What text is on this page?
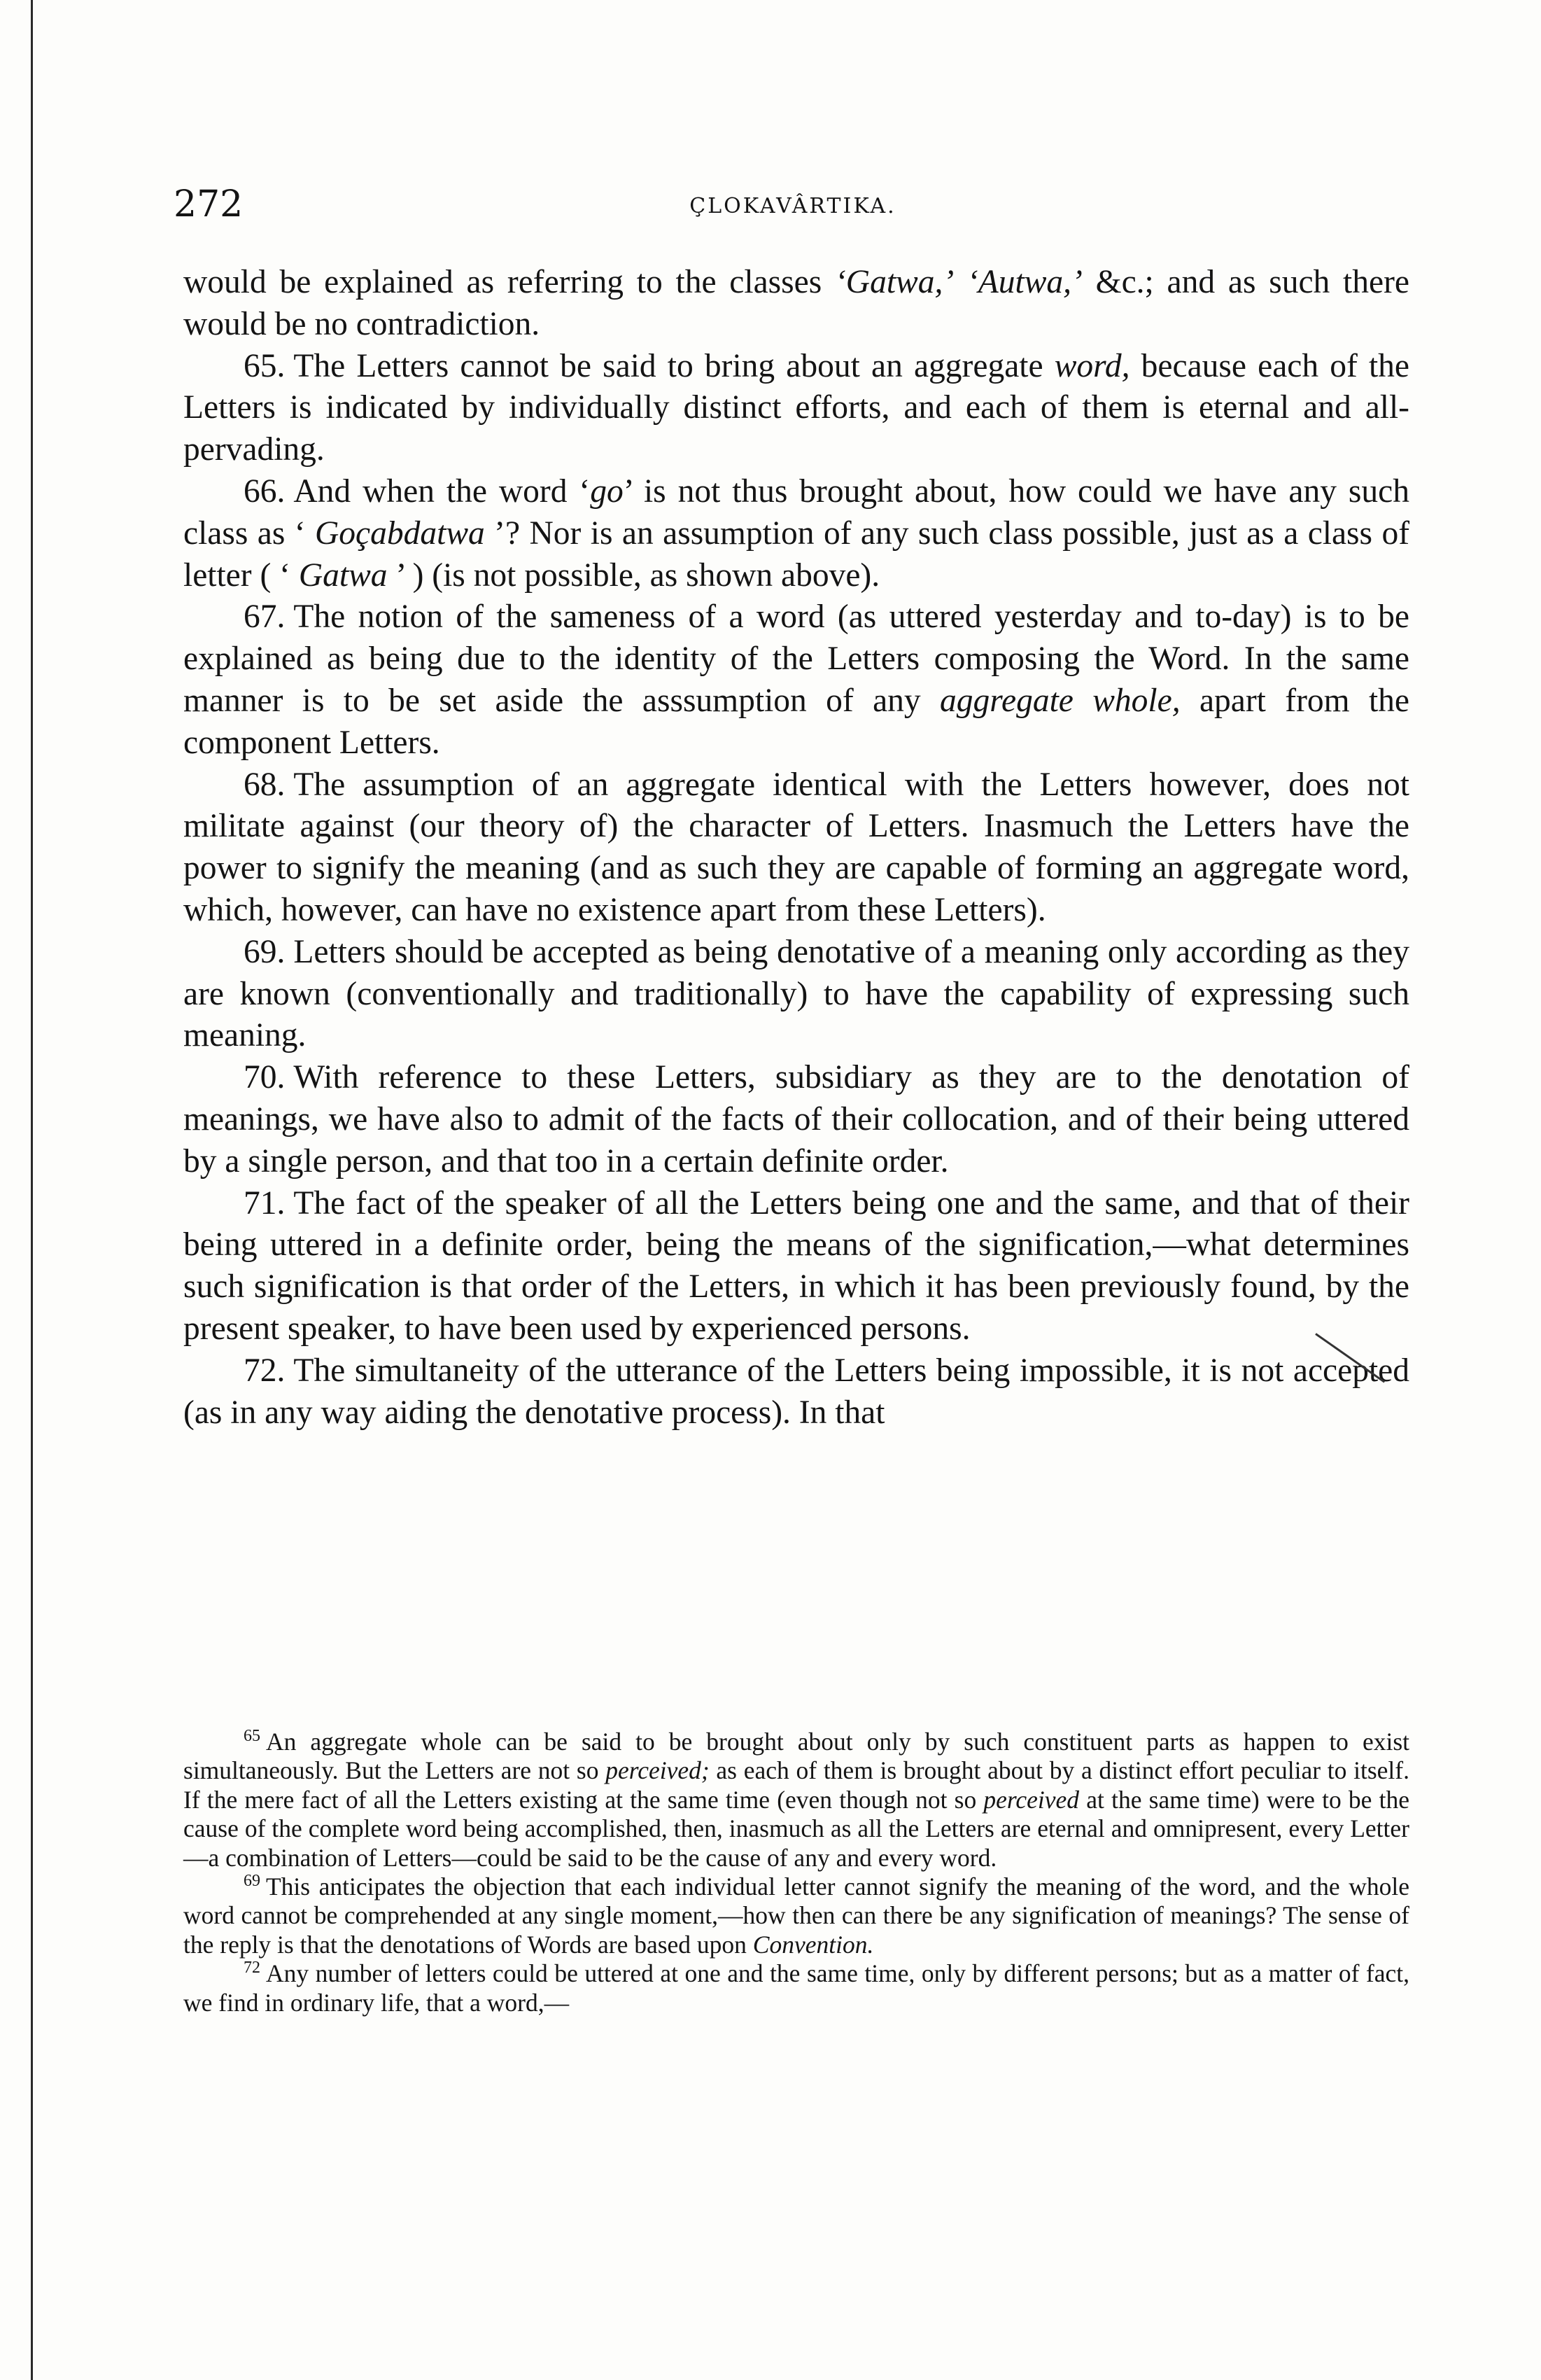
272	ÇLOKAVÂRTIKA.

would be explained as referring to the classes ‘Gatwa,’ ‘Autwa,’ &c.; and as such there would be no contradiction.

65. The Letters cannot be said to bring about an aggregate word, because each of the Letters is indicated by individually distinct efforts, and each of them is eternal and all-pervading.

66. And when the word ‘go’ is not thus brought about, how could we have any such class as ‘ Goçabdatwa ’? Nor is an assumption of any such class possible, just as a class of letter ( ‘ Gatwa ’ ) (is not possible, as shown above).

67. The notion of the sameness of a word (as uttered yesterday and to-day) is to be explained as being due to the identity of the Letters composing the Word. In the same manner is to be set aside the asssumption of any aggregate whole, apart from the component Letters.

68. The assumption of an aggregate identical with the Letters however, does not militate against (our theory of) the character of Letters. Inasmuch the Letters have the power to signify the meaning (and as such they are capable of forming an aggregate word, which, however, can have no existence apart from these Letters).

69. Letters should be accepted as being denotative of a meaning only according as they are known (conventionally and traditionally) to have the capability of expressing such meaning.

70. With reference to these Letters, subsidiary as they are to the denotation of meanings, we have also to admit of the facts of their collocation, and of their being uttered by a single person, and that too in a certain definite order.

71. The fact of the speaker of all the Letters being one and the same, and that of their being uttered in a definite order, being the means of the signification,—what determines such signification is that order of the Letters, in which it has been previously found, by the present speaker, to have been used by experienced persons.

72. The simultaneity of the utterance of the Letters being impossible, it is not accepted (as in any way aiding the denotative process). In that

$^{65}$ An aggregate whole can be said to be brought about only by such constituent parts as happen to exist simultaneously. But the Letters are not so perceived; as each of them is brought about by a distinct effort peculiar to itself. If the mere fact of all the Letters existing at the same time (even though not so perceived at the same time) were to be the cause of the complete word being accomplished, then, inasmuch as all the Letters are eternal and omnipresent, every Letter—a combination of Letters—could be said to be the cause of any and every word.

$^{69}$ This anticipates the objection that each individual letter cannot signify the meaning of the word, and the whole word cannot be comprehended at any single moment,—how then can there be any signification of meanings? The sense of the reply is that the denotations of Words are based upon Convention.

$^{72}$ Any number of letters could be uttered at one and the same time, only by different persons; but as a matter of fact, we find in ordinary life, that a word,—
